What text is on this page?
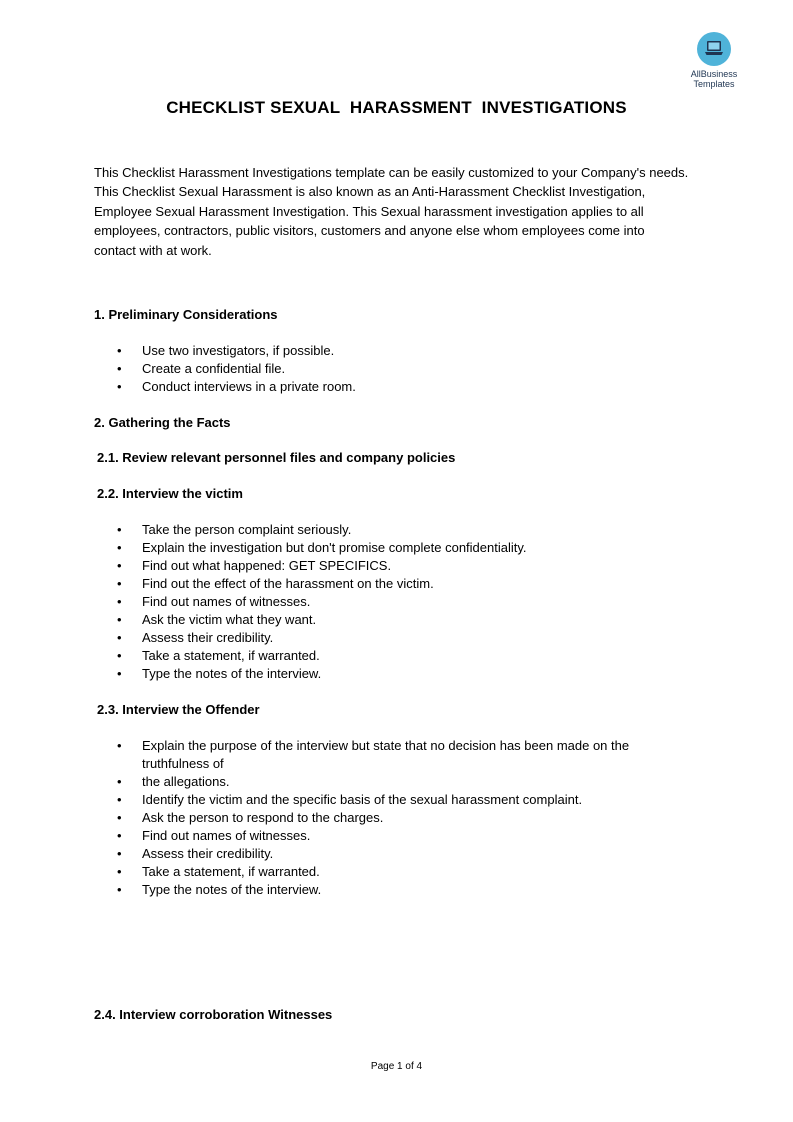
AllBusiness
Templates
CHECKLIST SEXUAL  HARASSMENT  INVESTIGATIONS

This Checklist Harassment Investigations template can be easily customized to your Company's needs.

This Checklist Sexual Harassment is also known as an Anti-Harassment Checklist Investigation,

Employee Sexual Harassment Investigation. This Sexual harassment investigation applies to all

employees, contractors, public visitors, customers and anyone else whom employees come into

contact with at work.

1. Preliminary Considerations
• Use two investigators, if possible.
• Create a confidential file.
• Conduct interviews in a private room.
2. Gathering the Facts
2.1. Review relevant personnel files and company policies
2.2. Interview the victim
• Take the person complaint seriously.
• Explain the investigation but don't promise complete confidentiality.
• Find out what happened: GET SPECIFICS.
• Find out the effect of the harassment on the victim.
• Find out names of witnesses.
• Ask the victim what they want.
• Assess their credibility.
• Take a statement, if warranted.
• Type the notes of the interview.
2.3. Interview the Offender
• Explain the purpose of the interview but state that no decision has been made on the
truthfulness of
• the allegations.
• Identify the victim and the specific basis of the sexual harassment complaint.
• Ask the person to respond to the charges.
• Find out names of witnesses.
• Assess their credibility.
• Take a statement, if warranted.
• Type the notes of the interview.
2.4. Interview corroboration Witnesses
Page 1 of 4
